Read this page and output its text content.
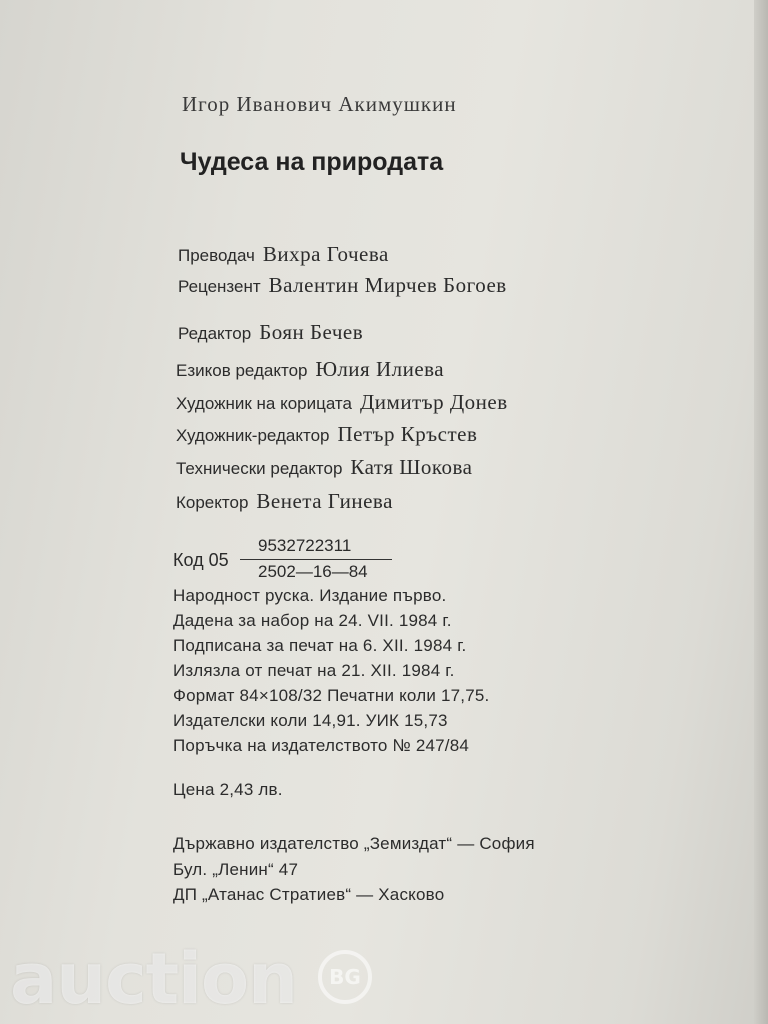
Игор Иванович Акимушкин
Чудеса на природата
Преводач Вихра Гочева
Рецензент Валентин Мирчев Богоев
Редактор Боян Бечев
Езиков редактор Юлия Илиева
Художник на корицата Димитър Донев
Художник-редактор Петър Кръстев
Технически редактор Катя Шокова
Коректор Венета Гинева
Код 05
9532722311
2502—16—84
Народност руска. Издание първо.
Дадена за набор на 24. VII. 1984 г.
Подписана за печат на 6. XII. 1984 г.
Излязла от печат на 21. XII. 1984 г.
Формат 84×108/32 Печатни коли 17,75.
Издателски коли 14,91. УИК 15,73
Поръчка на издателството № 247/84
Цена 2,43 лв.
Държавно издателство „Земиздат“ — София
Бул. „Ленин“ 47
ДП „Атанас Стратиев“ — Хасково
auction	BG
